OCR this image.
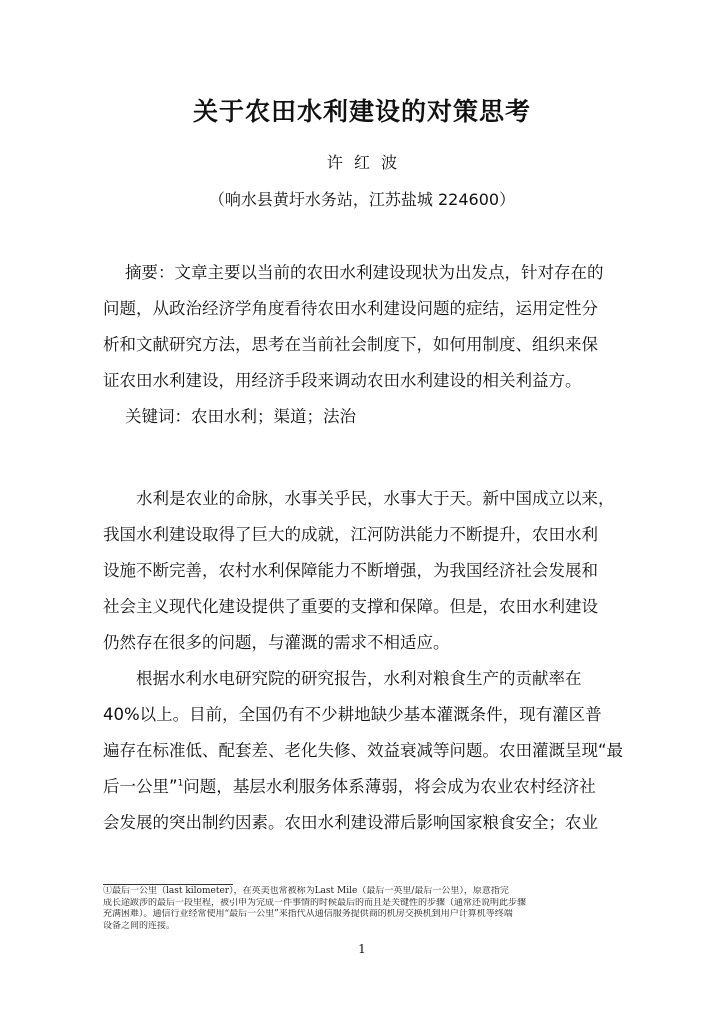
关于农田水利建设的对策思考
许 红 波
（响水县黄圩水务站，江苏盐城 224600）
摘要：文章主要以当前的农田水利建设现状为出发点，针对存在的
问题，从政治经济学角度看待农田水利建设问题的症结，运用定性分
析和文献研究方法，思考在当前社会制度下，如何用制度、组织来保
证农田水利建设，用经济手段来调动农田水利建设的相关利益方。
关键词：农田水利；渠道；法治
水利是农业的命脉，水事关乎民，水事大于天。新中国成立以来，
我国水利建设取得了巨大的成就，江河防洪能力不断提升，农田水利
设施不断完善，农村水利保障能力不断增强，为我国经济社会发展和
社会主义现代化建设提供了重要的支撑和保障。但是，农田水利建设
仍然存在很多的问题，与灌溉的需求不相适应。
根据水利水电研究院的研究报告，水利对粮食生产的贡献率在
40%以上。目前，全国仍有不少耕地缺少基本灌溉条件，现有灌区普
遍存在标准低、配套差、老化失修、效益衰减等问题。农田灌溉呈现“最
后一公里”$^1$问题，基层水利服务体系薄弱，将会成为农业农村经济社
会发展的突出制约因素。农田水利建设滞后影响国家粮食安全；农业
①最后一公里（last kilometer），在英美也常被称为Last Mile（最后一英里/最后一公里），原意指完
成长途跋涉的最后一段里程，被引申为完成一件事情的时候最后的而且是关键性的步骤（通常还说明此步骤
充满困难）。通信行业经常使用“最后一公里”来指代从通信服务提供商的机房交换机到用户计算机等终端
设备之间的连接。
1
